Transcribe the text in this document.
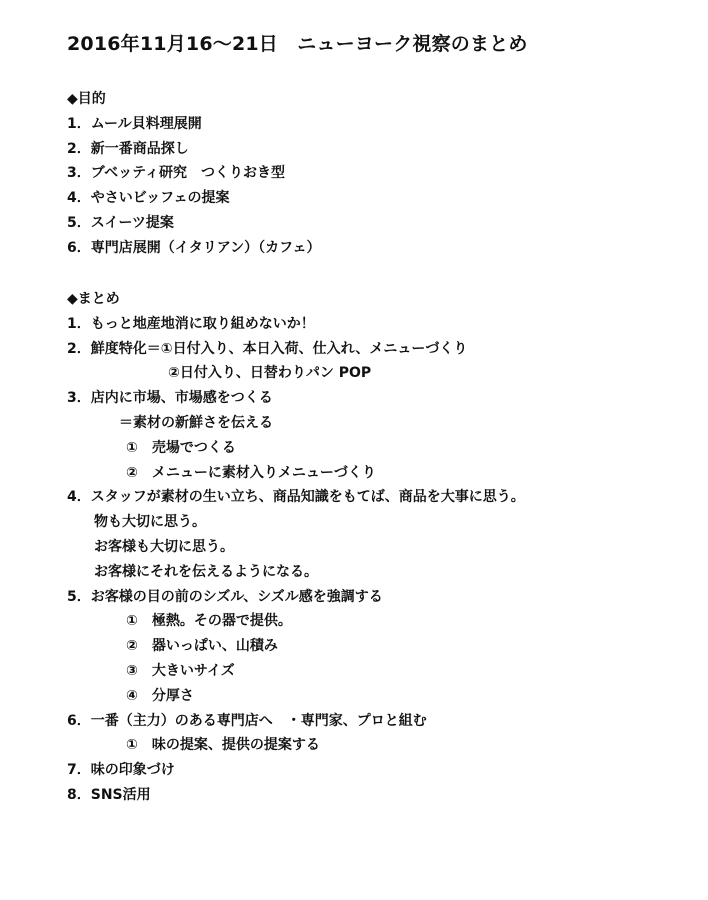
2016年11月16〜21日　ニューヨーク視察のまとめ
◆目的
1．ムール貝料理展開
2．新一番商品探し
3．ブベッティ研究　つくりおき型
4．やさいビッフェの提案
5．スイーツ提案
6．専門店展開（イタリアン）（カフェ）
◆まとめ
1．もっと地産地消に取り組めないか！
2．鮮度特化＝①日付入り、本日入荷、仕入れ、メニューづくり
②日付入り、日替わりパン POP
3．店内に市場、市場感をつくる
＝素材の新鮮さを伝える
①　売場でつくる
②　メニューに素材入りメニューづくり
4．スタッフが素材の生い立ち、商品知識をもてば、商品を大事に思う。
物も大切に思う。
お客様も大切に思う。
お客様にそれを伝えるようになる。
5．お客様の目の前のシズル、シズル感を強調する
①　極熱。その器で提供。
②　器いっぱい、山積み
③　大きいサイズ
④　分厚さ
6．一番（主力）のある専門店へ　・専門家、プロと組む
①　味の提案、提供の提案する
7．味の印象づけ
8．SNS活用
